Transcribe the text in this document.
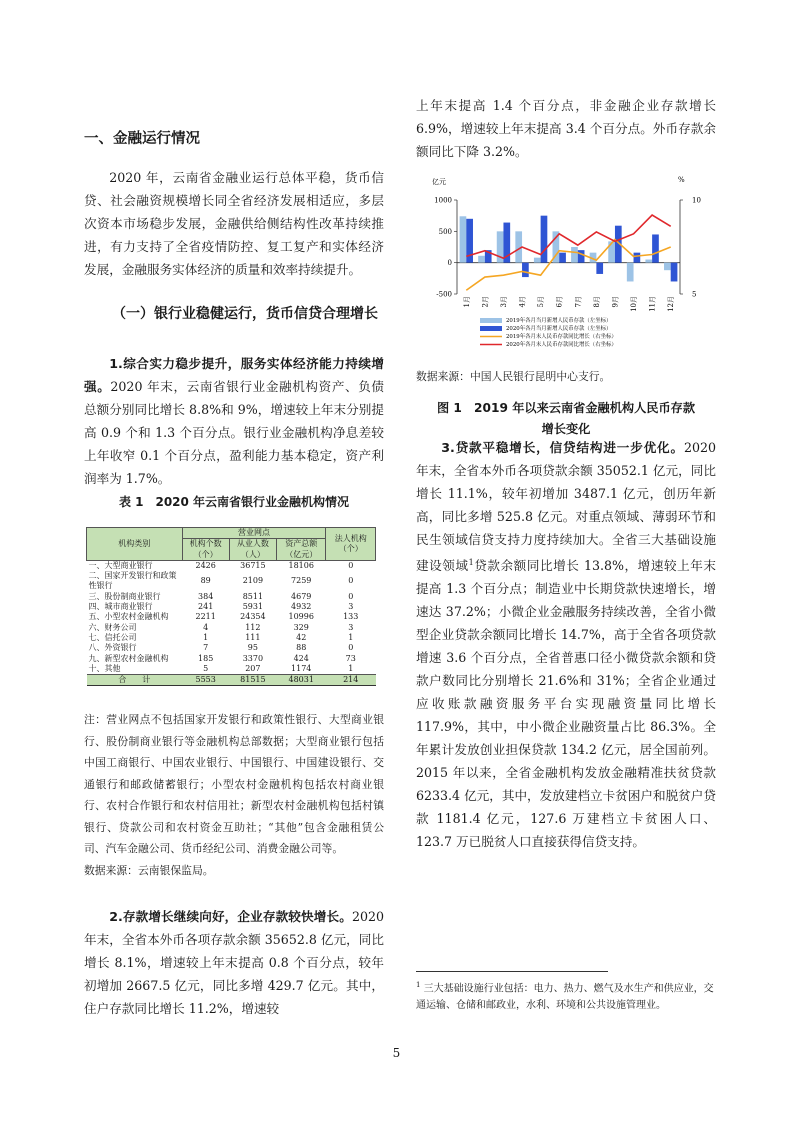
一、金融运行情况

2020 年，云南省金融业运行总体平稳，货币信贷、社会融资规模增长同全省经济发展相适应，多层次资本市场稳步发展，金融供给侧结构性改革持续推进，有力支持了全省疫情防控、复工复产和实体经济发展，金融服务实体经济的质量和效率持续提升。

（一）银行业稳健运行，货币信贷合理增长

1.综合实力稳步提升，服务实体经济能力持续增强。2020 年末，云南省银行业金融机构资产、负债总额分别同比增长 8.8%和 9%，增速较上年末分别提高 0.9 个和 1.3 个百分点。银行业金融机构净息差较上年收窄 0.1 个百分点，盈利能力基本稳定，资产利润率为 1.7%。

表 1　2020 年云南省银行业金融机构情况

机构类别	营业网点			法人机构（个）
	机构个数（个）	从业人数（人）	资产总额（亿元）	
一、大型商业银行	2426	36715	18106	0
二、国家开发银行和政策性银行	89	2109	7259	0
三、股份制商业银行	384	8511	4679	0
四、城市商业银行	241	5931	4932	3
五、小型农村金融机构	2211	24354	10996	133
六、财务公司	4	112	329	3
七、信托公司	1	111	42	1
八、外资银行	7	95	88	0
九、新型农村金融机构	185	3370	424	73
十、其他	5	207	1174	1
合　　计	5553	81515	48031	214

注：营业网点不包括国家开发银行和政策性银行、大型商业银行、股份制商业银行等金融机构总部数据；大型商业银行包括中国工商银行、中国农业银行、中国银行、中国建设银行、交通银行和邮政储蓄银行；小型农村金融机构包括农村商业银行、农村合作银行和农村信用社；新型农村金融机构包括村镇银行、贷款公司和农村资金互助社；“其他”包含金融租赁公司、汽车金融公司、货币经纪公司、消费金融公司等。

数据来源：云南银保监局。

2.存款增长继续向好，企业存款较快增长。2020 年末，全省本外币各项存款余额 35652.8 亿元，同比增长 8.1%，增速较上年末提高 0.8 个百分点，较年初增加 2667.5 亿元，同比多增 429.7 亿元。其中，住户存款同比增长 11.2%，增速较

上年末提高 1.4 个百分点，非金融企业存款增长 6.9%，增速较上年末提高 3.4 个百分点。外币存款余额同比下降 3.2%。

亿元	%
1000
500
0
-500
10
5
1月 2月 3月 4月 5月 6月 7月 8月 9月 10月 11月 12月
2019年各月当月新增人民币存款（左坐标）
2020年各月当月新增人民币存款（左坐标）
2019年各月末人民币存款同比增长（右坐标）
2020年各月末人民币存款同比增长（右坐标）

数据来源：中国人民银行昆明中心支行。

图 1　2019 年以来云南省金融机构人民币存款

增长变化

3.贷款平稳增长，信贷结构进一步优化。2020 年末，全省本外币各项贷款余额 35052.1 亿元，同比增长 11.1%，较年初增加 3487.1 亿元，创历年新高，同比多增 525.8 亿元。对重点领域、薄弱环节和民生领域信贷支持力度持续加大。全省三大基础设施建设领域$^1$贷款余额同比增长 13.8%，增速较上年末提高 1.3 个百分点；制造业中长期贷款快速增长，增速达 37.2%；小微企业金融服务持续改善，全省小微型企业贷款余额同比增长 14.7%，高于全省各项贷款增速 3.6 个百分点，全省普惠口径小微贷款余额和贷款户数同比分别增长 21.6%和 31%；全省企业通过应收账款融资服务平台实现融资量同比增长 117.9%，其中，中小微企业融资量占比 86.3%。全年累计发放创业担保贷款 134.2 亿元，居全国前列。2015 年以来，全省金融机构发放金融精准扶贫贷款 6233.4 亿元，其中，发放建档立卡贫困户和脱贫户贷款 1181.4 亿元，127.6 万建档立卡贫困人口、123.7 万已脱贫人口直接获得信贷支持。

$^1$ 三大基础设施行业包括：电力、热力、燃气及水生产和供应业，交通运输、仓储和邮政业，水利、环境和公共设施管理业。

5
